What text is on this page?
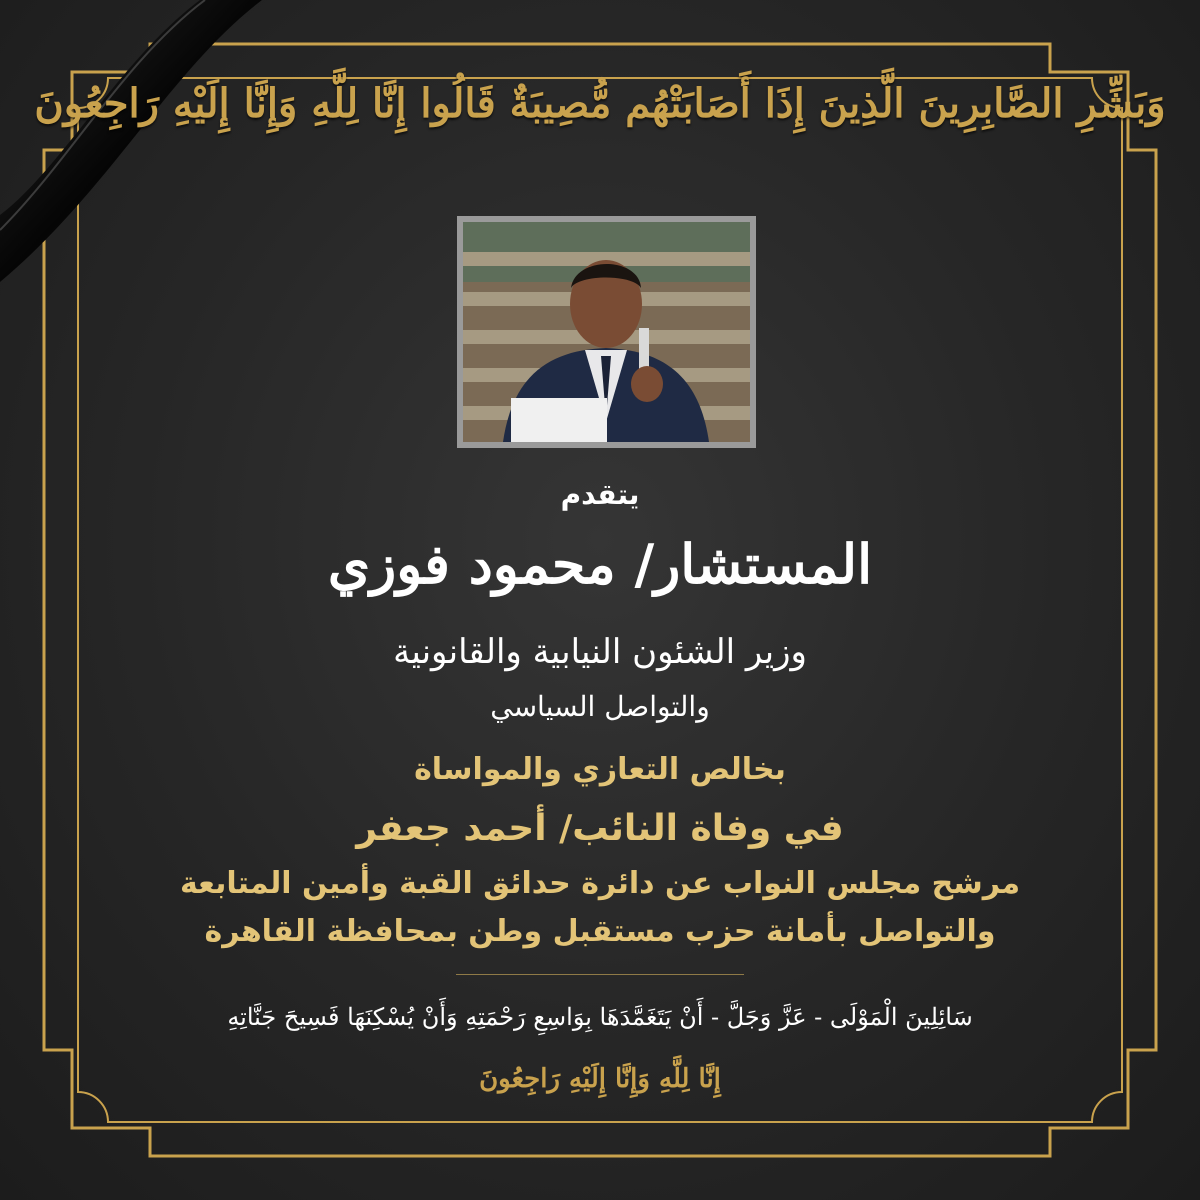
وَبَشِّرِ الصَّابِرِينَ الَّذِينَ إِذَا أَصَابَتْهُم مُّصِيبَةٌ قَالُوا إِنَّا لِلَّهِ وَإِنَّا إِلَيْهِ رَاجِعُونَ
يتقدم
المستشار/ محمود فوزي
وزير الشئون النيابية والقانونية
والتواصل السياسي
بخالص التعازي والمواساة
في وفاة النائب/ أحمد جعفر
مرشح مجلس النواب عن دائرة حدائق القبة وأمين المتابعة
والتواصل بأمانة حزب مستقبل وطن بمحافظة القاهرة
سَائِلِينَ الْمَوْلَى - عَزَّ وَجَلَّ - أَنْ يَتَغَمَّدَهَا بِوَاسِعِ رَحْمَتِهِ وَأَنْ يُسْكِنَهَا فَسِيحَ جَنَّاتِهِ
إِنَّا لِلَّهِ وَإِنَّا إِلَيْهِ رَاجِعُونَ
